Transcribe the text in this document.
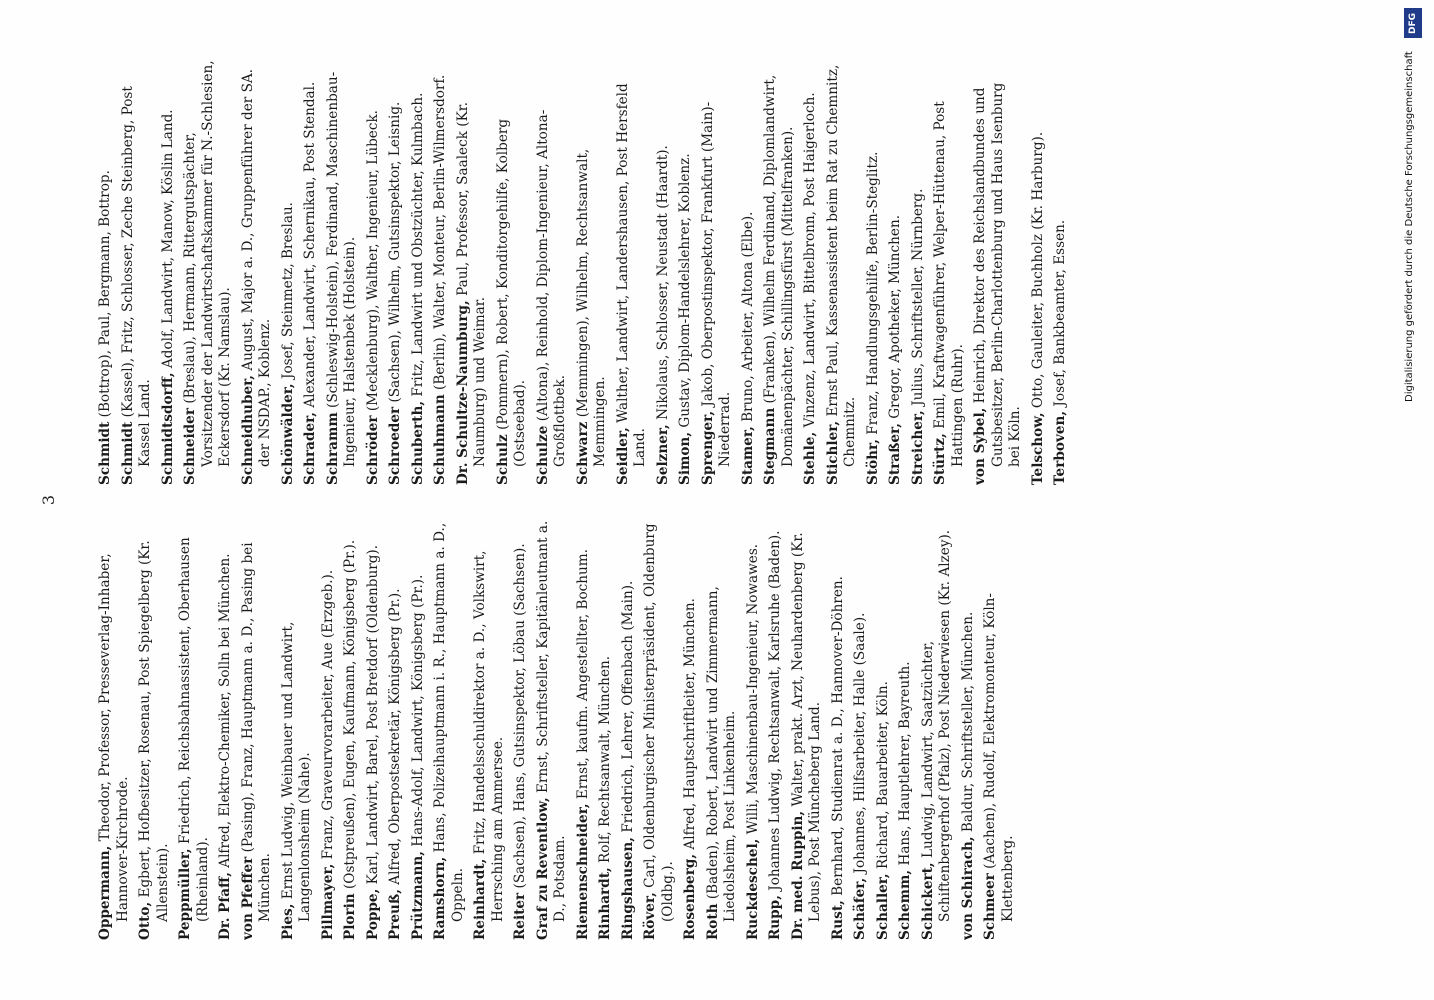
3

Oppermann, Theodor, Professor, Presseverlag-Inhaber, Hannover-Kirchrode. Otto, Egbert, Hofbesitzer, Rosenau, Post Spiegelberg (Kr. Allenstein). Peppmüller, Friedrich, Reichsbahnassistent, Oberhausen (Rheinland). Dr. Pfaff, Alfred, Elektro-Chemiker, Solln bei München.

von Pfeffer (Pasing), Franz, Hauptmann a. D., Pasing bei München. Pies, Ernst Ludwig, Weinbauer und Landwirt, Langenlonsheim (Nahe). Pillmayer, Franz, Graveurvorarbeiter, Aue (Erzgeb.).

Plorin (Ostpreußen), Eugen, Kaufmann, Königsberg (Pr.).

Poppe, Karl, Landwirt, Barel, Post Bretdorf (Oldenburg).

Preuß, Alfred, Oberpostsekretär, Königsberg (Pr.).

Prützmann, Hans-Adolf, Landwirt, Königsberg (Pr.).

Ramshorn, Hans, Polizeihauptmann i. R., Hauptmann a. D., Oppeln. Reinhardt, Fritz, Handelsschuldirektor a. D., Volkswirt, Herrsching am Ammersee. Reiter (Sachsen), Hans, Gutsinspektor, Löbau (Sachsen). Graf zu Reventlow, Ernst, Schriftsteller, Kapitänleutnant a. D., Potsdam. Riemenschneider, Ernst, kaufm. Angestellter, Bochum.

Rinhardt, Rolf, Rechtsanwalt, München.

Ringshausen, Friedrich, Lehrer, Offenbach (Main).

Röver, Carl, Oldenburgischer Ministerpräsident, Oldenburg (Oldbg.). Rosenberg, Alfred, Hauptschriftleiter, München.

Roth (Baden), Robert, Landwirt und Zimmermann, Liedolsheim, Post Linkenheim. Ruckdeschel, Willi, Maschinenbau-Ingenieur, Nowawes.

Rupp, Johannes Ludwig, Rechtsanwalt, Karlsruhe (Baden). Dr. med. Ruppin, Walter, prakt. Arzt, Neuhardenberg (Kr. Lebus), Post Müncheberg Land. Rust, Bernhard, Studienrat a. D., Hannover-Döhren.

Schäfer, Johannes, Hilfsarbeiter, Halle (Saale).

Schaller, Richard, Bauarbeiter, Köln.

Schemm, Hans, Hauptlehrer, Bayreuth.

Schickert, Ludwig, Landwirt, Saatzüchter, Schiftenbergerhof (Pfalz), Post Niederwiesen (Kr. Alzey). von Schirach, Baldur, Schriftsteller, München.

Schmeer (Aachen), Rudolf, Elektromonteur, Köln-Klettenberg.

Schmidt (Bottrop), Paul, Bergmann, Bottrop.

Schmidt (Kassel), Fritz, Schlosser, Zeche Steinberg, Post Kassel Land. Schmidtsdorff, Adolf, Landwirt, Manow, Köslin Land.

Schneider (Breslau), Hermann, Rittergutspächter, Vorsitzender der Landwirtschaftskammer für N.-Schlesien, Eckersdorf (Kr. Namslau). Schneidhuber, August, Major a. D., Gruppenführer der SA. der NSDAP., Koblenz. Schönwälder, Josef, Steinmetz, Breslau.

Schrader, Alexander, Landwirt, Schernikau, Post Stendal.

Schramm (Schleswig-Holstein), Ferdinand, Maschinenbau-Ingenieur, Halstenbek (Holstein). Schröder (Mecklenburg), Walther, Ingenieur, Lübeck.

Schroeder (Sachsen), Wilhelm, Gutsinspektor, Leisnig.

Schuberth, Fritz, Landwirt und Obstzüchter, Kulmbach.

Schuhmann (Berlin), Walter, Monteur, Berlin-Wilmersdorf.

Dr. Schultze-Naumburg, Paul, Professor, Saaleck (Kr. Naumburg) und Weimar. Schulz (Pommern), Robert, Konditorgehilfe, Kolberg (Ostseebad). Schulze (Altona), Reinhold, Diplom-Ingenieur, Altona-Großflottbek. Schwarz (Memmingen), Wilhelm, Rechtsanwalt, Memmingen. Seidler, Walther, Landwirt, Landershausen, Post Hersfeld Land. Selzner, Nikolaus, Schlosser, Neustadt (Haardt).

Simon, Gustav, Diplom-Handelslehrer, Koblenz.

Sprenger, Jakob, Oberpostinspektor, Frankfurt (Main)-Niederrad. Stamer, Bruno, Arbeiter, Altona (Elbe).

Stegmann (Franken), Wilhelm Ferdinand, Diplomlandwirt, Domänenpächter, Schillingsfürst (Mittelfranken). Stehle, Vinzenz, Landwirt, Bittelbronn, Post Haigerloch.

Stichler, Ernst Paul, Kassenassistent beim Rat zu Chemnitz, Chemnitz. Stöhr, Franz, Handlungsgehilfe, Berlin-Steglitz.

Straßer, Gregor, Apotheker, München.

Streicher, Julius, Schriftsteller, Nürnberg.

Stürtz, Emil, Kraftwagenführer, Welper-Hüttenau, Post Hattingen (Ruhr). von Sybel, Heinrich, Direktor des Reichslandbundes und Gutsbesitzer, Berlin-Charlottenburg und Haus Isenburg bei Köln. Telschow, Otto, Gauleiter, Buchholz (Kr. Harburg).

Terboven, Josef, Bankbeamter, Essen.

DFG
Digitalisierung gefördert durch die Deutsche Forschungsgemeinschaft
